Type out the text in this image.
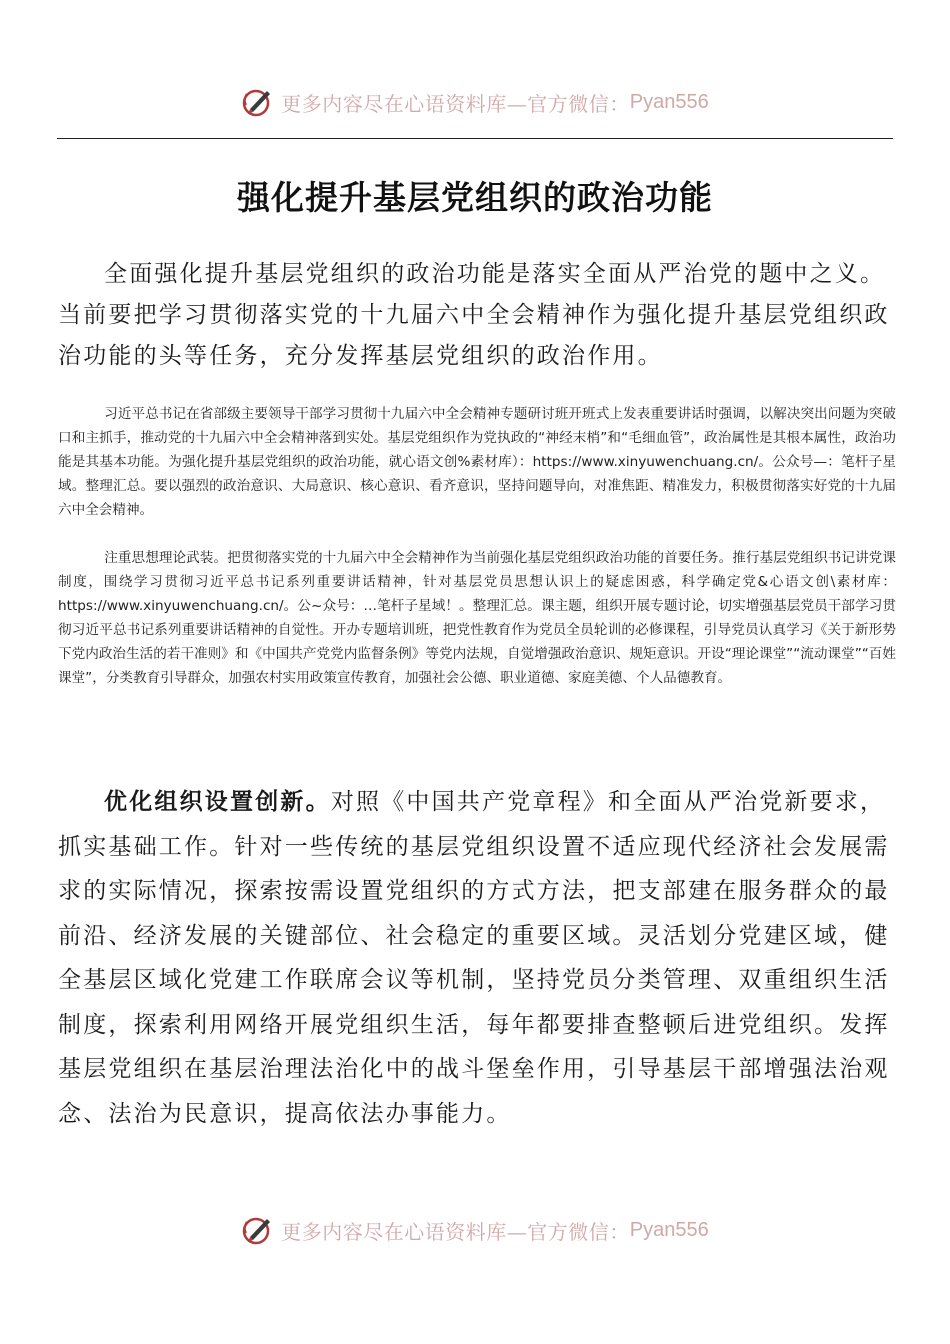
更多内容尽在心语资料库—官方微信： Pyan556
强化提升基层党组织的政治功能

全面强化提升基层党组织的政治功能是落实全面从严治党的题中之义。当前要把学习贯彻落实党的十九届六中全会精神作为强化提升基层党组织政治功能的头等任务，充分发挥基层党组织的政治作用。

习近平总书记在省部级主要领导干部学习贯彻十九届六中全会精神专题研讨班开班式上发表重要讲话时强调，以解决突出问题为突破口和主抓手，推动党的十九届六中全会精神落到实处。基层党组织作为党执政的“神经末梢”和“毛细血管”，政治属性是其根本属性，政治功能是其基本功能。为强化提升基层党组织的政治功能，就心语文创%素材库）：https://www.xinyuwenchuang.cn/。公众号—：笔杆子星域。整理汇总。要以强烈的政治意识、大局意识、核心意识、看齐意识，坚持问题导向，对准焦距、精准发力，积极贯彻落实好党的十九届六中全会精神。

注重思想理论武装。把贯彻落实党的十九届六中全会精神作为当前强化基层党组织政治功能的首要任务。推行基层党组织书记讲党课制度，围绕学习贯彻习近平总书记系列重要讲话精神，针对基层党员思想认识上的疑虑困惑，科学确定党&心语文创\素材库：https://www.xinyuwenchuang.cn/。公~众号：…笔杆子星域！。整理汇总。课主题，组织开展专题讨论，切实增强基层党员干部学习贯彻习近平总书记系列重要讲话精神的自觉性。开办专题培训班，把党性教育作为党员全员轮训的必修课程，引导党员认真学习《关于新形势下党内政治生活的若干准则》和《中国共产党党内监督条例》等党内法规，自觉增强政治意识、规矩意识。开设“理论课堂”“流动课堂”“百姓课堂”，分类教育引导群众，加强农村实用政策宣传教育，加强社会公德、职业道德、家庭美德、个人品德教育。

优化组织设置创新。对照《中国共产党章程》和全面从严治党新要求，抓实基础工作。针对一些传统的基层党组织设置不适应现代经济社会发展需求的实际情况，探索按需设置党组织的方式方法，把支部建在服务群众的最前沿、经济发展的关键部位、社会稳定的重要区域。灵活划分党建区域，健全基层区域化党建工作联席会议等机制，坚持党员分类管理、双重组织生活制度，探索利用网络开展党组织生活，每年都要排查整顿后进党组织。发挥基层党组织在基层治理法治化中的战斗堡垒作用，引导基层干部增强法治观念、法治为民意识，提高依法办事能力。

更多内容尽在心语资料库—官方微信： Pyan556
